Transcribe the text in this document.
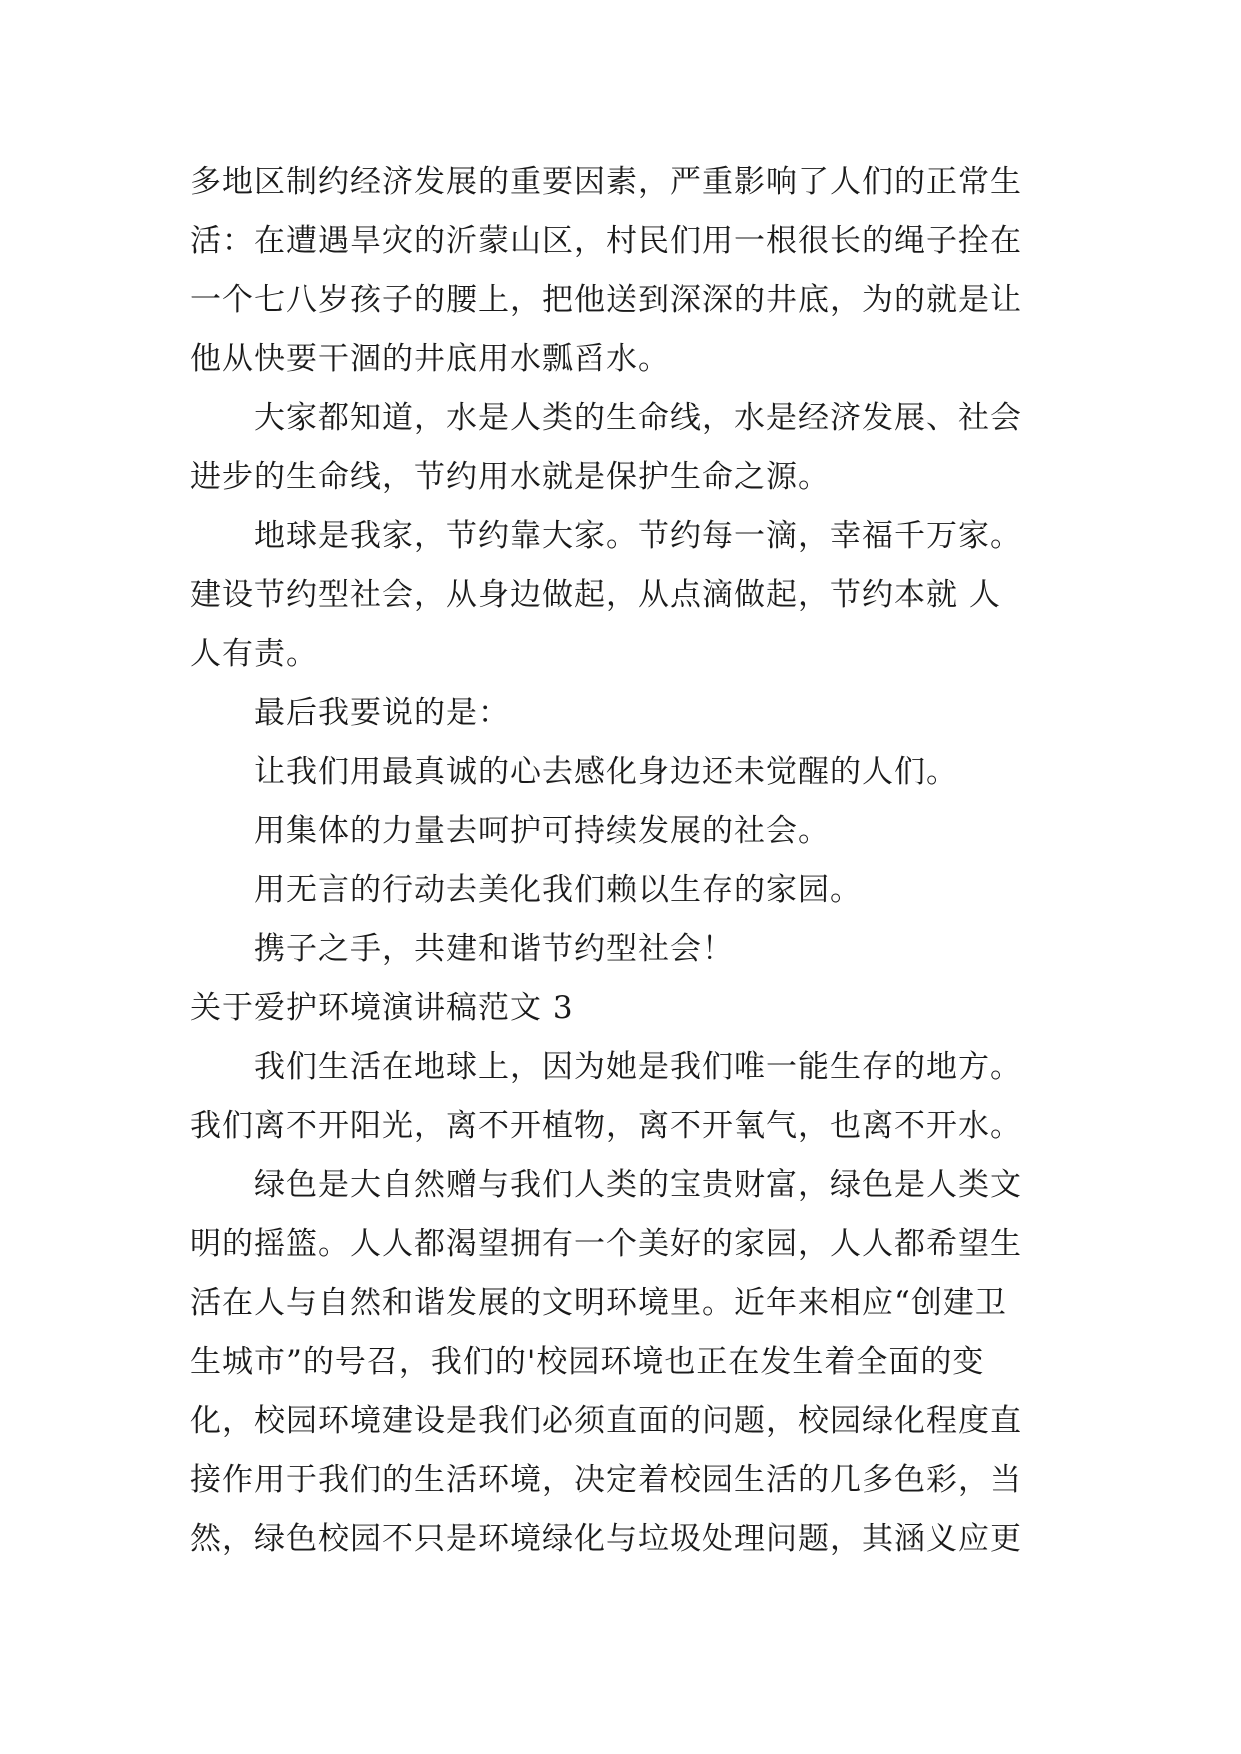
多地区制约经济发展的重要因素，严重影响了人们的正常生
活：在遭遇旱灾的沂蒙山区，村民们用一根很长的绳子拴在
一个七八岁孩子的腰上，把他送到深深的井底，为的就是让
他从快要干涸的井底用水瓢舀水。
　　大家都知道，水是人类的生命线，水是经济发展、社会
进步的生命线，节约用水就是保护生命之源。
　　地球是我家，节约靠大家。节约每一滴，幸福千万家。
建设节约型社会，从身边做起，从点滴做起，节约本就 人
人有责。
　　最后我要说的是：
　　让我们用最真诚的心去感化身边还未觉醒的人们。
　　用集体的力量去呵护可持续发展的社会。
　　用无言的行动去美化我们赖以生存的家园。
　　携子之手，共建和谐节约型社会！
关于爱护环境演讲稿范文 3
　　我们生活在地球上，因为她是我们唯一能生存的地方。
我们离不开阳光，离不开植物，离不开氧气，也离不开水。
　　绿色是大自然赠与我们人类的宝贵财富，绿色是人类文
明的摇篮。人人都渴望拥有一个美好的家园，人人都希望生
活在人与自然和谐发展的文明环境里。近年来相应“创建卫
生城市”的号召，我们的'校园环境也正在发生着全面的变
化，校园环境建设是我们必须直面的问题，校园绿化程度直
接作用于我们的生活环境，决定着校园生活的几多色彩，当
然，绿色校园不只是环境绿化与垃圾处理问题，其涵义应更
